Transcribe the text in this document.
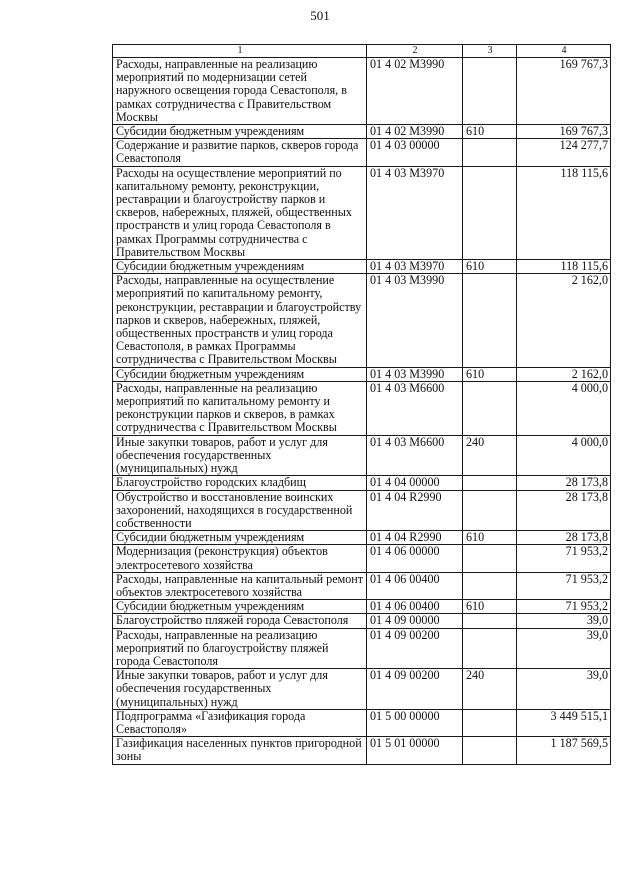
501
1	2	3	4
Расходы, направленные на реализацию мероприятий по модернизации сетей наружного освещения города Севастополя, в рамках сотрудничества с Правительством Москвы	01 4 02 М3990		169 767,3
Субсидии бюджетным учреждениям	01 4 02 М3990	610	169 767,3
Содержание и развитие парков, скверов города Севастополя	01 4 03 00000		124 277,7
Расходы на осуществление мероприятий по капитальному ремонту, реконструкции, реставрации и благоустройству парков и скверов, набережных, пляжей, общественных пространств и улиц города Севастополя в рамках Программы сотрудничества с Правительством Москвы	01 4 03 М3970		118 115,6
Субсидии бюджетным учреждениям	01 4 03 М3970	610	118 115,6
Расходы, направленные на осуществление мероприятий по капитальному ремонту, реконструкции, реставрации и благоустройству парков и скверов, набережных, пляжей, общественных пространств и улиц города Севастополя, в рамках Программы сотрудничества с Правительством Москвы	01 4 03 М3990		2 162,0
Субсидии бюджетным учреждениям	01 4 03 М3990	610	2 162,0
Расходы, направленные на реализацию мероприятий по капитальному ремонту и реконструкции парков и скверов, в рамках сотрудничества с Правительством Москвы	01 4 03 М6600		4 000,0
Иные закупки товаров, работ и услуг для обеспечения государственных (муниципальных) нужд	01 4 03 М6600	240	4 000,0
Благоустройство городских кладбищ	01 4 04 00000		28 173,8
Обустройство и восстановление воинских захоронений, находящихся в государственной собственности	01 4 04 R2990		28 173,8
Субсидии бюджетным учреждениям	01 4 04 R2990	610	28 173,8
Модернизация (реконструкция) объектов электросетевого хозяйства	01 4 06 00000		71 953,2
Расходы, направленные на капитальный ремонт объектов электросетевого хозяйства	01 4 06 00400		71 953,2
Субсидии бюджетным учреждениям	01 4 06 00400	610	71 953,2
Благоустройство пляжей города Севастополя	01 4 09 00000		39,0
Расходы, направленные на реализацию мероприятий по благоустройству пляжей города Севастополя	01 4 09 00200		39,0
Иные закупки товаров, работ и услуг для обеспечения государственных (муниципальных) нужд	01 4 09 00200	240	39,0
Подпрограмма «Газификация города Севастополя»	01 5 00 00000		3 449 515,1
Газификация населенных пунктов пригородной зоны	01 5 01 00000		1 187 569,5
